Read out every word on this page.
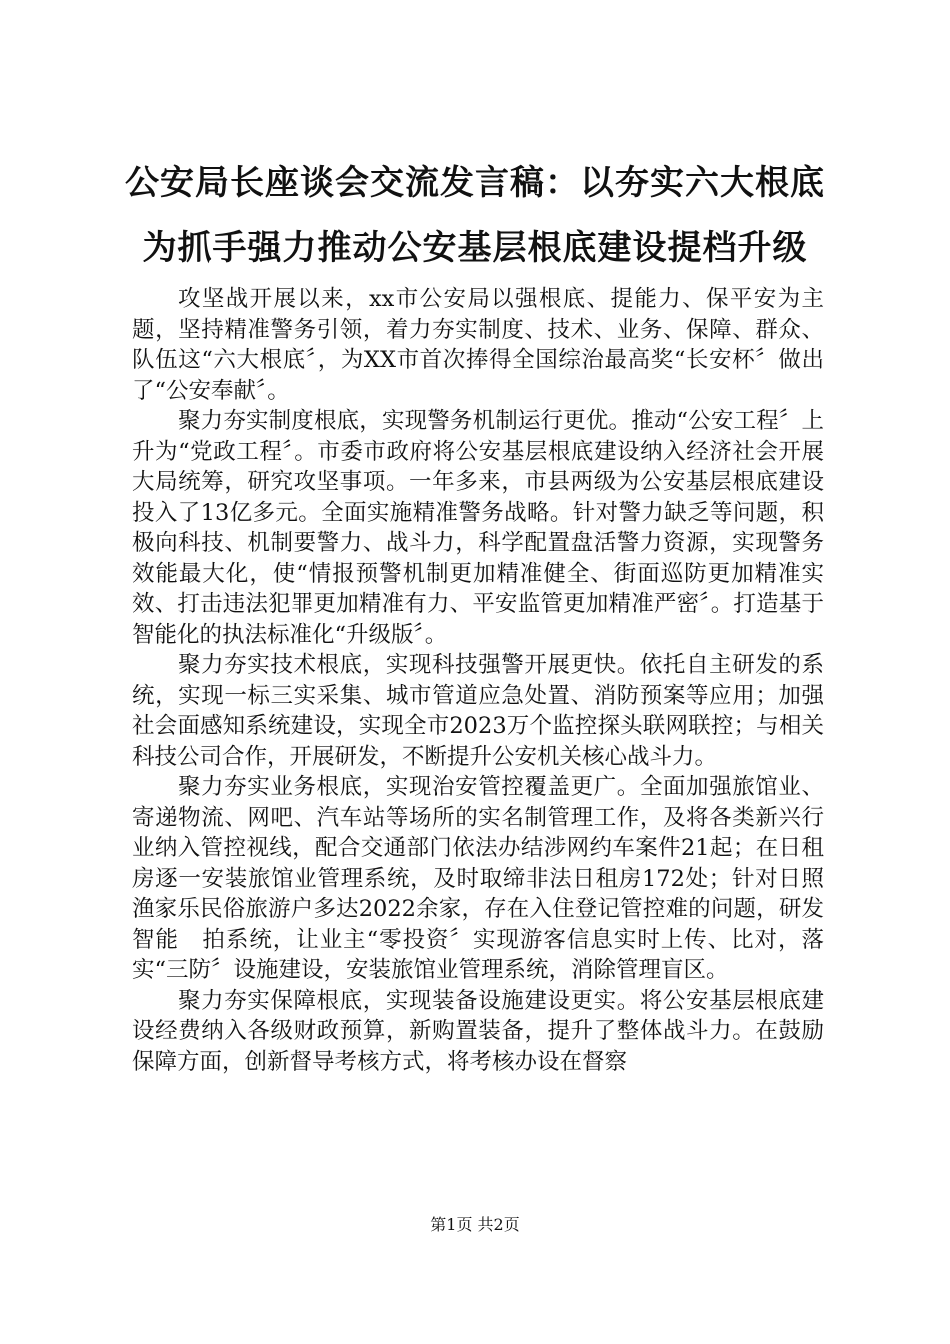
公安局长座谈会交流发言稿：以夯实六大根底
为抓手强力推动公安基层根底建设提档升级

攻坚战开展以来，xx市公安局以强根底、提能力、保平安为主题，坚持精准警务引领，着力夯实制度、技术、业务、保障、群众、队伍这“六大根底〞，为XX市首次捧得全国综治最高奖“长安杯〞做出了“公安奉献〞。

聚力夯实制度根底，实现警务机制运行更优。推动“公安工程〞上升为“党政工程〞。市委市政府将公安基层根底建设纳入经济社会开展大局统筹，研究攻坚事项。一年多来，市县两级为公安基层根底建设投入了13亿多元。全面实施精准警务战略。针对警力缺乏等问题，积极向科技、机制要警力、战斗力，科学配置盘活警力资源，实现警务效能最大化，使“情报预警机制更加精准健全、街面巡防更加精准实效、打击违法犯罪更加精准有力、平安监管更加精准严密〞。打造基于智能化的执法标准化“升级版〞。

聚力夯实技术根底，实现科技强警开展更快。依托自主研发的系统，实现一标三实采集、城市管道应急处置、消防预案等应用；加强社会面感知系统建设，实现全市2023万个监控探头联网联控；与相关科技公司合作，开展研发，不断提升公安机关核心战斗力。

聚力夯实业务根底，实现治安管控覆盖更广。全面加强旅馆业、寄递物流、网吧、汽车站等场所的实名制管理工作，及将各类新兴行业纳入管控视线，配合交通部门依法办结涉网约车案件21起；在日租房逐一安装旅馆业管理系统，及时取缔非法日租房172处；针对日照渔家乐民俗旅游户多达2022余家，存在入住登记管控难的问题，研发智能　拍系统，让业主“零投资〞实现游客信息实时上传、比对，落实“三防〞设施建设，安装旅馆业管理系统，消除管理盲区。

聚力夯实保障根底，实现装备设施建设更实。将公安基层根底建设经费纳入各级财政预算，新购置装备，提升了整体战斗力。在鼓励保障方面，创新督导考核方式，将考核办设在督察

第1页 共2页
